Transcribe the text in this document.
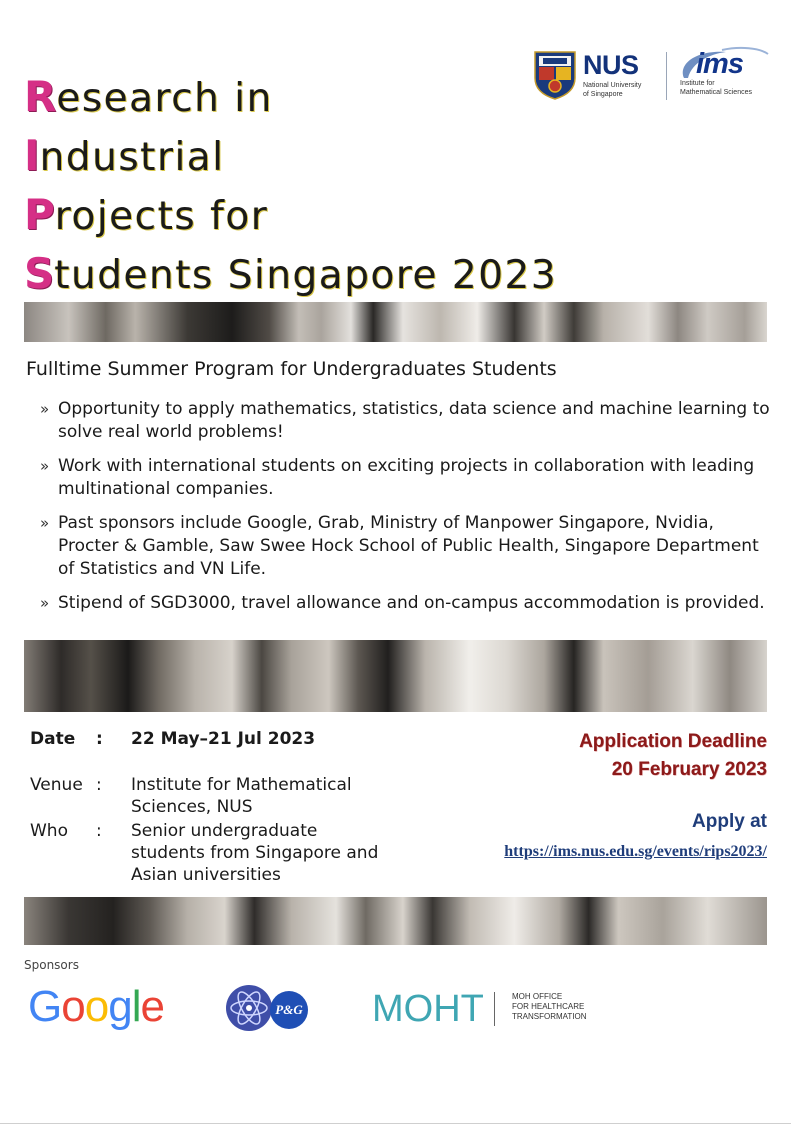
Research in
Industrial
Projects for
Students Singapore 2023
NUS
National University
of Singapore
ims
Institute for
Mathematical Sciences
Fulltime Summer Program for Undergraduates Students
» Opportunity to apply mathematics, statistics, data science and machine learning to solve real world problems!
» Work with international students on exciting projects in collaboration with leading multinational companies.
» Past sponsors include Google, Grab, Ministry of Manpower Singapore, Nvidia, Procter & Gamble, Saw Swee Hock School of Public Health, Singapore Department of Statistics and VN Life.
» Stipend of SGD3000, travel allowance and on-campus accommodation is provided.
Date : 22 May–21 Jul 2023
Venue : Institute for Mathematical Sciences, NUS
Who : Senior undergraduate students from Singapore and Asian universities
Application Deadline
20 February 2023
Apply at
https://ims.nus.edu.sg/events/rips2023/
Sponsors
Google	P&G MOHT	MOH OFFICE
FOR HEALTHCARE
TRANSFORMATION
